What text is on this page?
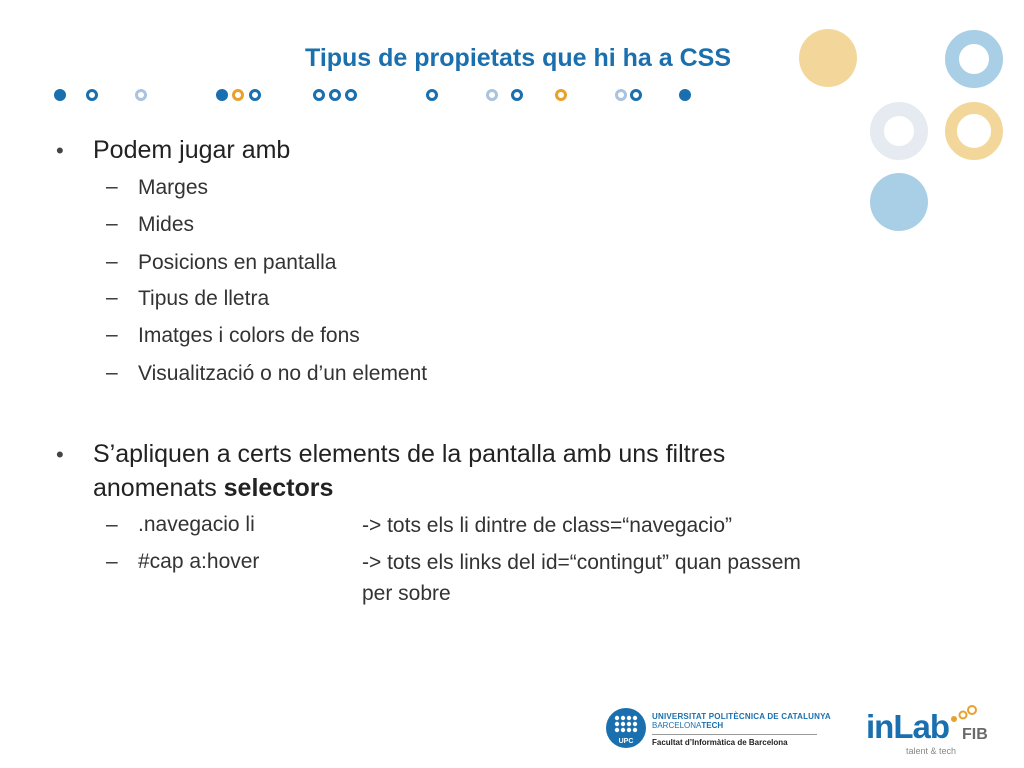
Tipus de propietats que hi ha a CSS
• Podem jugar amb
– Marges
– Mides
– Posicions en pantalla
– Tipus de lletra
– Imatges i colors de fons
– Visualització o no d’un element
• S’apliquen a certs elements de la pantalla amb uns filtres anomenats selectors
– .navegacio li	-> tots els li dintre de class=“navegacio”
– #cap a:hover	-> tots els links del id=“contingut” quan passem per sobre
UPC
UNIVERSITAT POLITÈCNICA DE CATALUNYA
BARCELONATECH
Facultat d’Informàtica de Barcelona	inLab FIB
talent & tech
